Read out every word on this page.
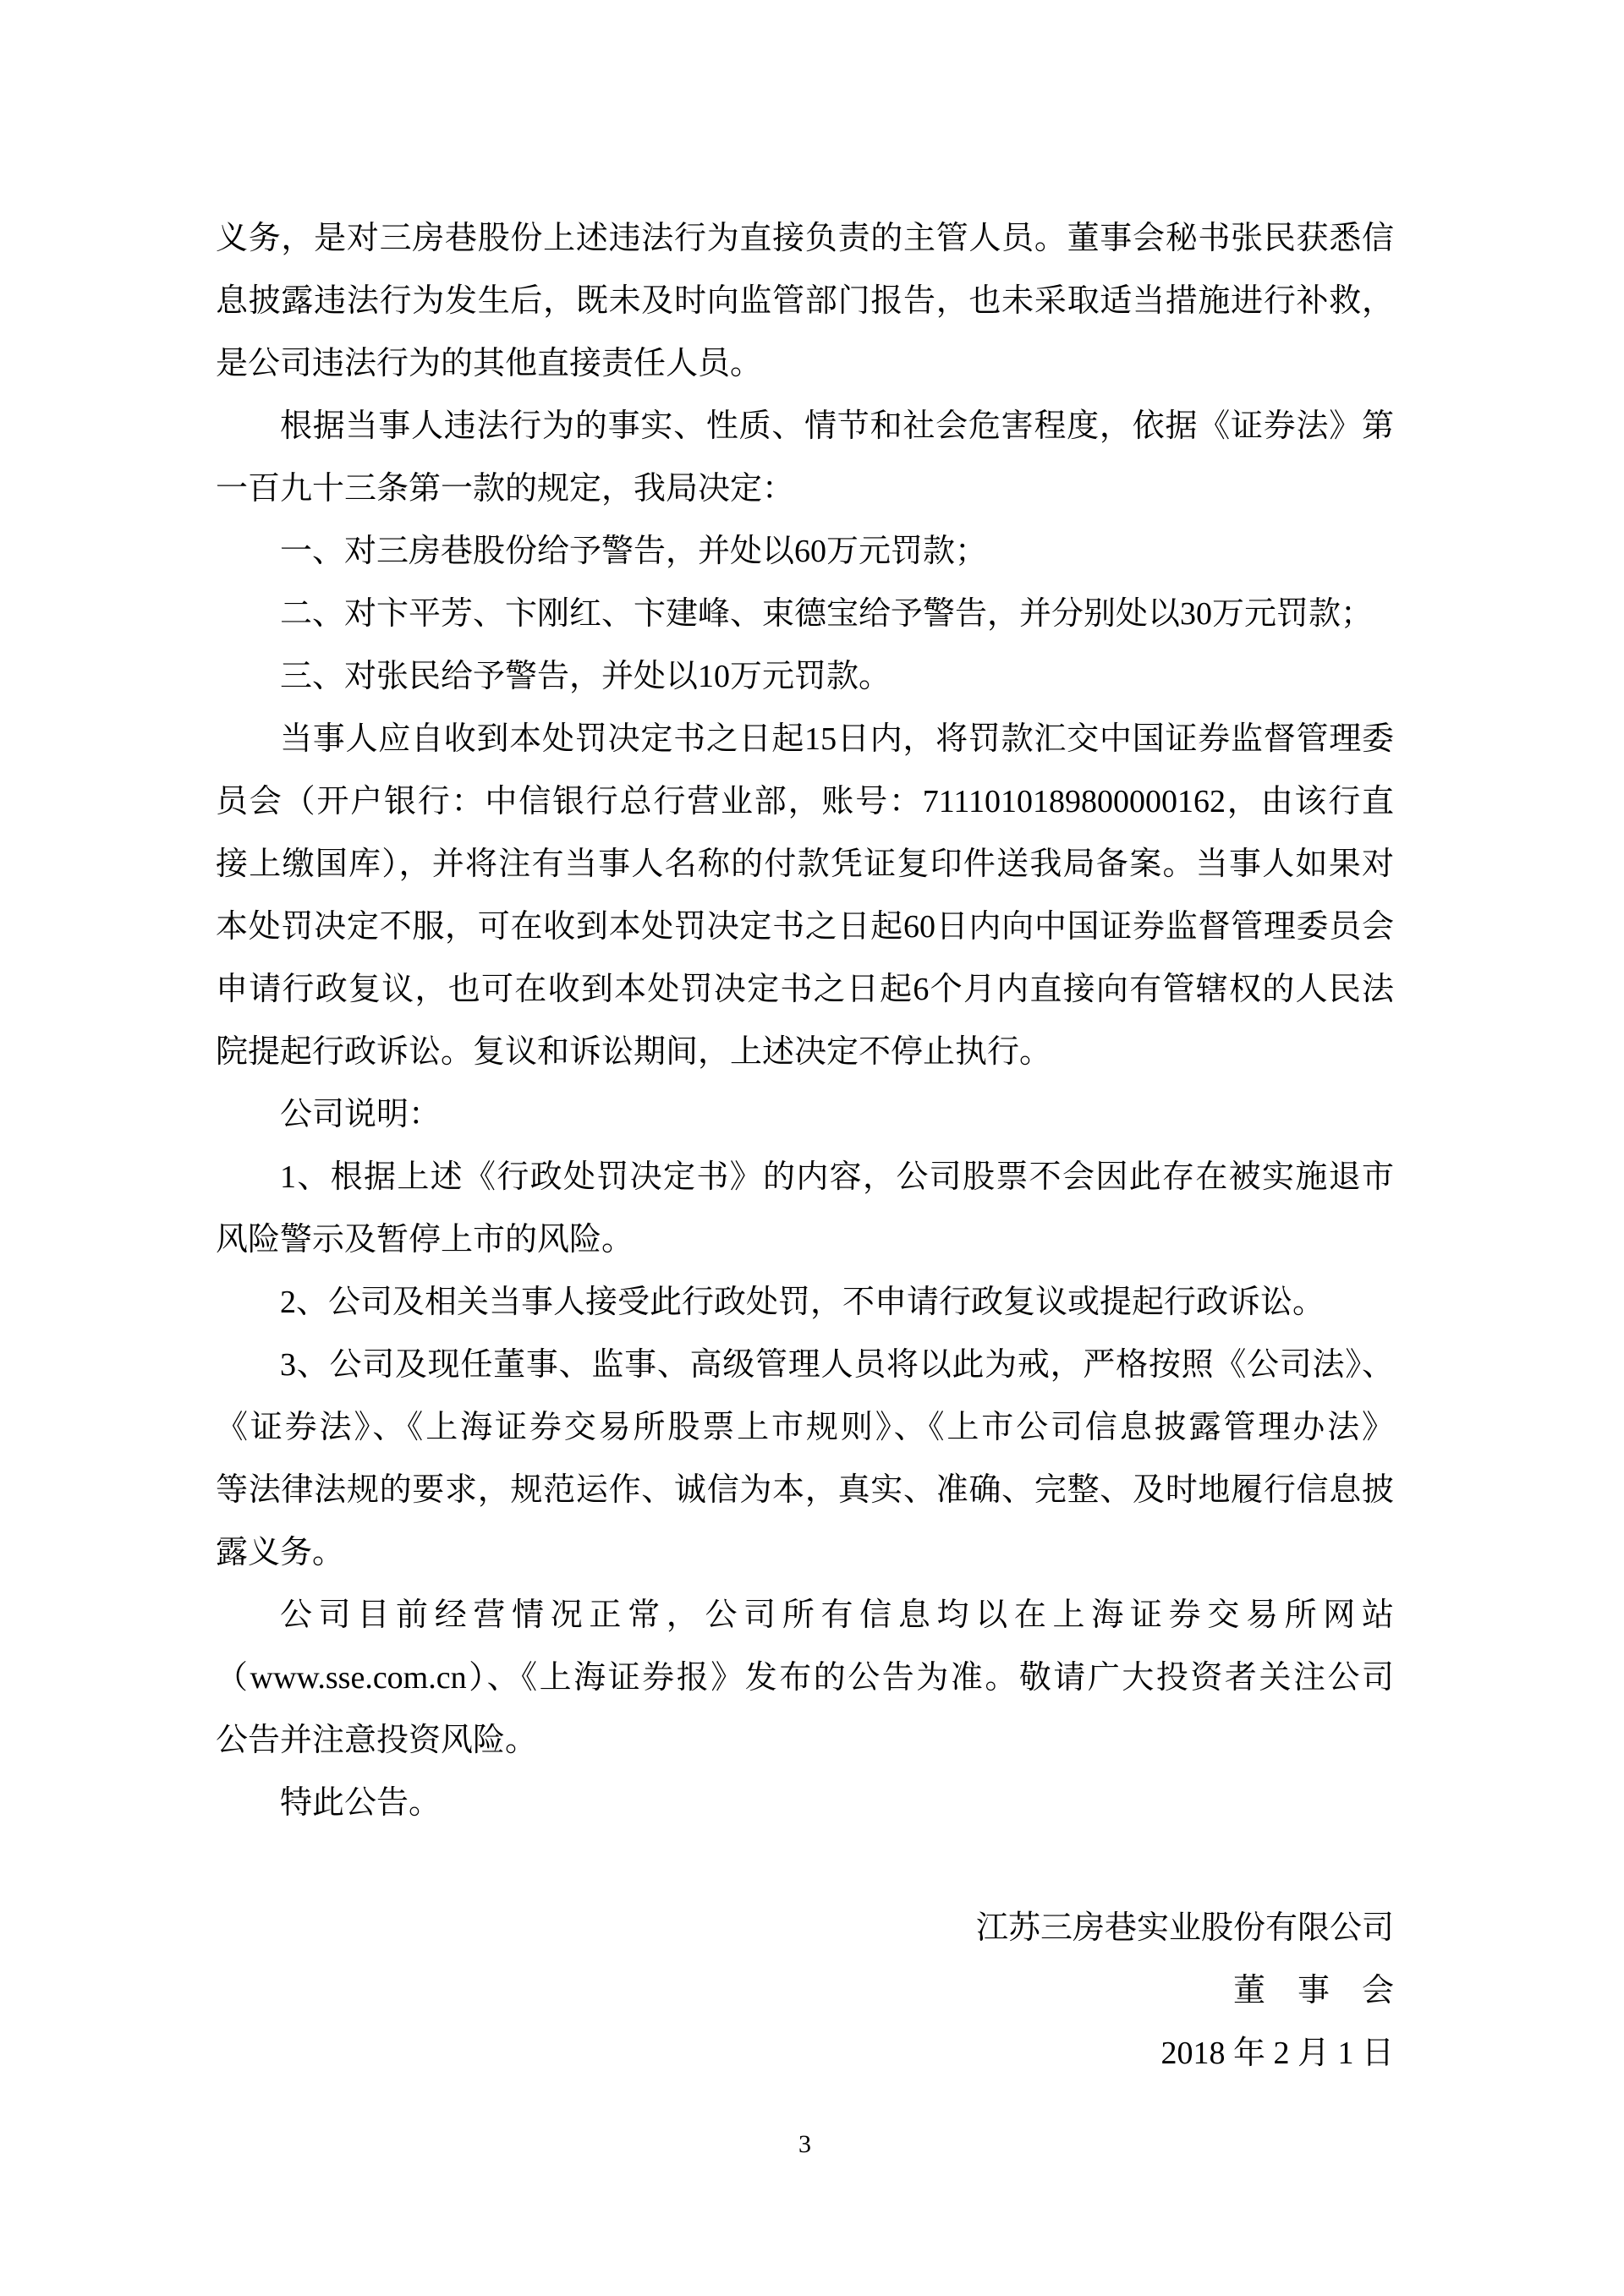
义务，是对三房巷股份上述违法行为直接负责的主管人员。董事会秘书张民获悉信
息披露违法行为发生后，既未及时向监管部门报告，也未采取适当措施进行补救，
是公司违法行为的其他直接责任人员。
根据当事人违法行为的事实、性质、情节和社会危害程度，依据《证券法》第
一百九十三条第一款的规定，我局决定：
一、对三房巷股份给予警告，并处以60万元罚款；
二、对卞平芳、卞刚红、卞建峰、束德宝给予警告，并分别处以30万元罚款；
三、对张民给予警告，并处以10万元罚款。
当事人应自收到本处罚决定书之日起15日内，将罚款汇交中国证券监督管理委
员会（开户银行：中信银行总行营业部，账号：7111010189800000162，由该行直
接上缴国库），并将注有当事人名称的付款凭证复印件送我局备案。当事人如果对
本处罚决定不服，可在收到本处罚决定书之日起60日内向中国证券监督管理委员会
申请行政复议，也可在收到本处罚决定书之日起6个月内直接向有管辖权的人民法
院提起行政诉讼。复议和诉讼期间，上述决定不停止执行。
公司说明：
1、根据上述《行政处罚决定书》的内容，公司股票不会因此存在被实施退市
风险警示及暂停上市的风险。
2、公司及相关当事人接受此行政处罚，不申请行政复议或提起行政诉讼。
3、公司及现任董事、监事、高级管理人员将以此为戒，严格按照《公司法》、
《证券法》、《上海证券交易所股票上市规则》、《上市公司信息披露管理办法》
等法律法规的要求，规范运作、诚信为本，真实、准确、完整、及时地履行信息披
露义务。
公司目前经营情况正常，公司所有信息均以在上海证券交易所网站
（www.sse.com.cn）、《上海证券报》发布的公告为准。敬请广大投资者关注公司
公告并注意投资风险。
特此公告。
江苏三房巷实业股份有限公司
董　事　会
2018 年 2 月 1 日
3
